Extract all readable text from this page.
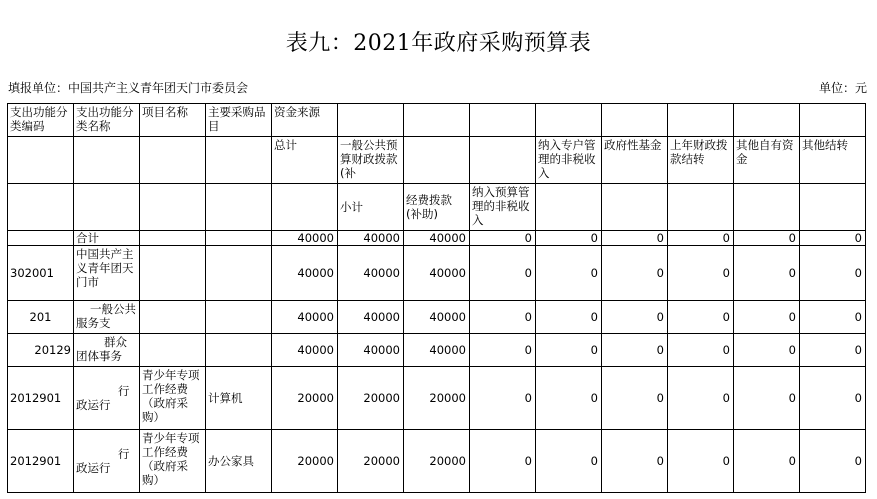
表九：2021年政府采购预算表
填报单位：中国共产主义青年团天门市委员会	单位：元
支出功能分类编码	支出功能分类名称	项目名称	主要采购品目	资金来源								
				总计	一般公共预算财政拨款(补			纳入专户管理的非税收入	政府性基金	上年财政拨款结转	其他自有资金	其他结转
					小计	经费拨款(补助)	纳入预算管理的非税收入					
	合计			40000	40000	40000	0	0	0	0	0	0
302001	中国共产主义青年团天门市			40000	40000	40000	0	0	0	0	0	0
201	一般公共服务支			40000	40000	40000	0	0	0	0	0	0
20129	群众团体事务			40000	40000	40000	0	0	0	0	0	0
2012901	行政运行	青少年专项工作经费（政府采购）	计算机	20000	20000	20000	0	0	0	0	0	0
2012901	行政运行	青少年专项工作经费（政府采购）	办公家具	20000	20000	20000	0	0	0	0	0	0
